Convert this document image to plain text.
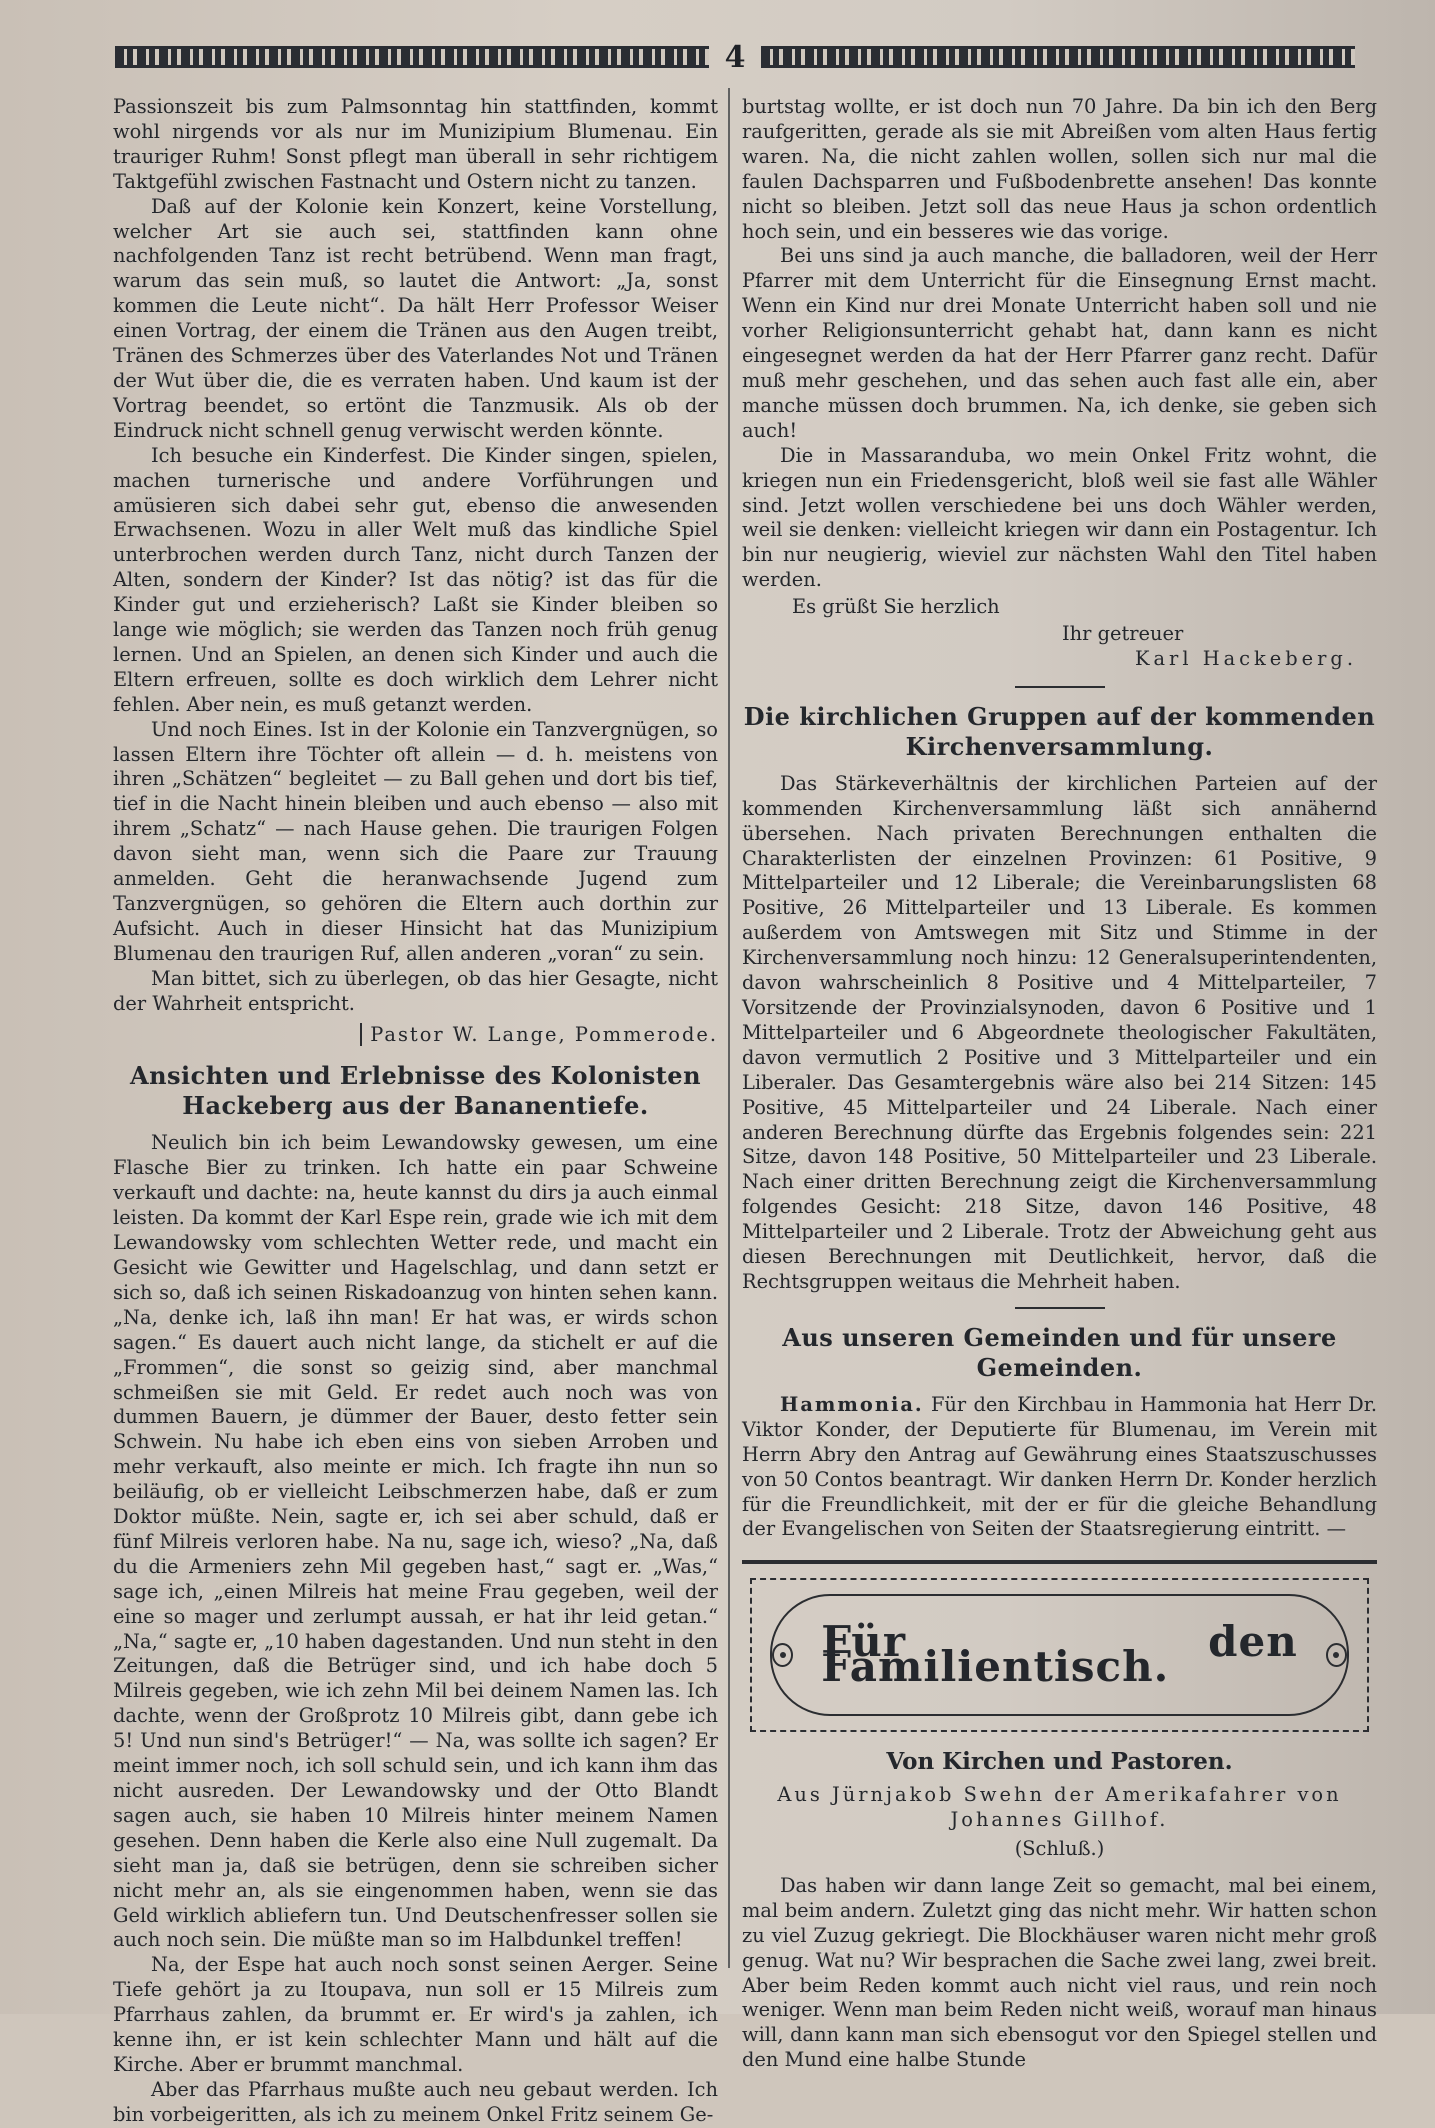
4

Passionszeit bis zum Palmsonntag hin stattfinden, kommt wohl nirgends vor als nur im Munizipium Blumenau. Ein trauriger Ruhm! Sonst pflegt man überall in sehr richtigem Taktgefühl zwischen Fastnacht und Ostern nicht zu tanzen.

Daß auf der Kolonie kein Konzert, keine Vorstellung, welcher Art sie auch sei, stattfinden kann ohne nachfolgenden Tanz ist recht betrübend. Wenn man fragt, warum das sein muß, so lautet die Antwort: „Ja, sonst kommen die Leute nicht“. Da hält Herr Professor Weiser einen Vortrag, der einem die Tränen aus den Augen treibt, Tränen des Schmerzes über des Vaterlandes Not und Tränen der Wut über die, die es verraten haben. Und kaum ist der Vortrag beendet, so ertönt die Tanzmusik. Als ob der Eindruck nicht schnell genug verwischt werden könnte.

Ich besuche ein Kinderfest. Die Kinder singen, spielen, machen turnerische und andere Vorführungen und amüsieren sich dabei sehr gut, ebenso die anwesenden Erwachsenen. Wozu in aller Welt muß das kindliche Spiel unterbrochen werden durch Tanz, nicht durch Tanzen der Alten, sondern der Kinder? Ist das nötig? ist das für die Kinder gut und erzieherisch? Laßt sie Kinder bleiben so lange wie möglich; sie werden das Tanzen noch früh genug lernen. Und an Spielen, an denen sich Kinder und auch die Eltern erfreuen, sollte es doch wirklich dem Lehrer nicht fehlen. Aber nein, es muß getanzt werden.

Und noch Eines. Ist in der Kolonie ein Tanzvergnügen, so lassen Eltern ihre Töchter oft allein — d. h. meistens von ihren „Schätzen“ begleitet — zu Ball gehen und dort bis tief, tief in die Nacht hinein bleiben und auch ebenso — also mit ihrem „Schatz“ — nach Hause gehen. Die traurigen Folgen davon sieht man, wenn sich die Paare zur Trauung anmelden. Geht die heranwachsende Jugend zum Tanzvergnügen, so gehören die Eltern auch dorthin zur Aufsicht. Auch in dieser Hinsicht hat das Munizipium Blumenau den traurigen Ruf, allen anderen „voran“ zu sein.

Man bittet, sich zu überlegen, ob das hier Gesagte, nicht der Wahrheit entspricht.

Pastor W. Lange, Pommerode.
Ansichten und Erlebnisse des Kolonisten Hackeberg aus der Bananentiefe.

Neulich bin ich beim Lewandowsky gewesen, um eine Flasche Bier zu trinken. Ich hatte ein paar Schweine verkauft und dachte: na, heute kannst du dirs ja auch einmal leisten. Da kommt der Karl Espe rein, grade wie ich mit dem Lewandowsky vom schlechten Wetter rede, und macht ein Gesicht wie Gewitter und Hagelschlag, und dann setzt er sich so, daß ich seinen Riskadoanzug von hinten sehen kann. „Na, denke ich, laß ihn man! Er hat was, er wirds schon sagen.“ Es dauert auch nicht lange, da stichelt er auf die „Frommen“, die sonst so geizig sind, aber manchmal schmeißen sie mit Geld. Er redet auch noch was von dummen Bauern, je dümmer der Bauer, desto fetter sein Schwein. Nu habe ich eben eins von sieben Arroben und mehr verkauft, also meinte er mich. Ich fragte ihn nun so beiläufig, ob er vielleicht Leibschmerzen habe, daß er zum Doktor müßte. Nein, sagte er, ich sei aber schuld, daß er fünf Milreis verloren habe. Na nu, sage ich, wieso? „Na, daß du die Armeniers zehn Mil gegeben hast,“ sagt er. „Was,“ sage ich, „einen Milreis hat meine Frau gegeben, weil der eine so mager und zerlumpt aussah, er hat ihr leid getan.“ „Na,“ sagte er, „10 haben dagestanden. Und nun steht in den Zeitungen, daß die Betrüger sind, und ich habe doch 5 Milreis gegeben, wie ich zehn Mil bei deinem Namen las. Ich dachte, wenn der Großprotz 10 Milreis gibt, dann gebe ich 5! Und nun sind's Betrüger!“ — Na, was sollte ich sagen? Er meint immer noch, ich soll schuld sein, und ich kann ihm das nicht ausreden. Der Lewandowsky und der Otto Blandt sagen auch, sie haben 10 Milreis hinter meinem Namen gesehen. Denn haben die Kerle also eine Null zugemalt. Da sieht man ja, daß sie betrügen, denn sie schreiben sicher nicht mehr an, als sie eingenommen haben, wenn sie das Geld wirklich abliefern tun. Und Deutschenfresser sollen sie auch noch sein. Die müßte man so im Halbdunkel treffen!

Na, der Espe hat auch noch sonst seinen Aerger. Seine Tiefe gehört ja zu Itoupava, nun soll er 15 Milreis zum Pfarrhaus zahlen, da brummt er. Er wird's ja zahlen, ich kenne ihn, er ist kein schlechter Mann und hält auf die Kirche. Aber er brummt manchmal.

Aber das Pfarrhaus mußte auch neu gebaut werden. Ich bin vorbeigeritten, als ich zu meinem Onkel Fritz seinem Ge-

burtstag wollte, er ist doch nun 70 Jahre. Da bin ich den Berg raufgeritten, gerade als sie mit Abreißen vom alten Haus fertig waren. Na, die nicht zahlen wollen, sollen sich nur mal die faulen Dachsparren und Fußbodenbrette ansehen! Das konnte nicht so bleiben. Jetzt soll das neue Haus ja schon ordentlich hoch sein, und ein besseres wie das vorige.

Bei uns sind ja auch manche, die balladoren, weil der Herr Pfarrer mit dem Unterricht für die Einsegnung Ernst macht. Wenn ein Kind nur drei Monate Unterricht haben soll und nie vorher Religionsunterricht gehabt hat, dann kann es nicht eingesegnet werden da hat der Herr Pfarrer ganz recht. Dafür muß mehr geschehen, und das sehen auch fast alle ein, aber manche müssen doch brummen. Na, ich denke, sie geben sich auch!

Die in Massaranduba, wo mein Onkel Fritz wohnt, die kriegen nun ein Friedensgericht, bloß weil sie fast alle Wähler sind. Jetzt wollen verschiedene bei uns doch Wähler werden, weil sie denken: vielleicht kriegen wir dann ein Postagentur. Ich bin nur neugierig, wieviel zur nächsten Wahl den Titel haben werden.

Es grüßt Sie herzlich
Ihr getreuer
Karl Hackeberg.
Die kirchlichen Gruppen auf der kommenden Kirchenversammlung.

Das Stärkeverhältnis der kirchlichen Parteien auf der kommenden Kirchenversammlung läßt sich annähernd übersehen. Nach privaten Berechnungen enthalten die Charakterlisten der einzelnen Provinzen: 61 Positive, 9 Mittelparteiler und 12 Liberale; die Vereinbarungslisten 68 Positive, 26 Mittelparteiler und 13 Liberale. Es kommen außerdem von Amtswegen mit Sitz und Stimme in der Kirchenversammlung noch hinzu: 12 Generalsuperintendenten, davon wahrscheinlich 8 Positive und 4 Mittelparteiler, 7 Vorsitzende der Provinzialsynoden, davon 6 Positive und 1 Mittelparteiler und 6 Abgeordnete theologischer Fakultäten, davon vermutlich 2 Positive und 3 Mittelparteiler und ein Liberaler. Das Gesamtergebnis wäre also bei 214 Sitzen: 145 Positive, 45 Mittelparteiler und 24 Liberale. Nach einer anderen Berechnung dürfte das Ergebnis folgendes sein: 221 Sitze, davon 148 Positive, 50 Mittelparteiler und 23 Liberale. Nach einer dritten Berechnung zeigt die Kirchenversammlung folgendes Gesicht: 218 Sitze, davon 146 Positive, 48 Mittelparteiler und 2 Liberale. Trotz der Abweichung geht aus diesen Berechnungen mit Deutlichkeit, hervor, daß die Rechtsgruppen weitaus die Mehrheit haben.

Aus unseren Gemeinden und für unsere Gemeinden.

Hammonia. Für den Kirchbau in Hammonia hat Herr Dr. Viktor Konder, der Deputierte für Blumenau, im Verein mit Herrn Abry den Antrag auf Gewährung eines Staatszuschusses von 50 Contos beantragt. Wir danken Herrn Dr. Konder herzlich für die Freundlichkeit, mit der er für die gleiche Behandlung der Evangelischen von Seiten der Staatsregierung eintritt. —

Für den Familientisch.
Von Kirchen und Pastoren.

Aus Jürnjakob Swehn der Amerikafahrer von Johannes Gillhof.

(Schluß.)

Das haben wir dann lange Zeit so gemacht, mal bei einem, mal beim andern. Zuletzt ging das nicht mehr. Wir hatten schon zu viel Zuzug gekriegt. Die Blockhäuser waren nicht mehr groß genug. Wat nu? Wir besprachen die Sache zwei lang, zwei breit. Aber beim Reden kommt auch nicht viel raus, und rein noch weniger. Wenn man beim Reden nicht weiß, worauf man hinaus will, dann kann man sich ebensogut vor den Spiegel stellen und den Mund eine halbe Stunde
